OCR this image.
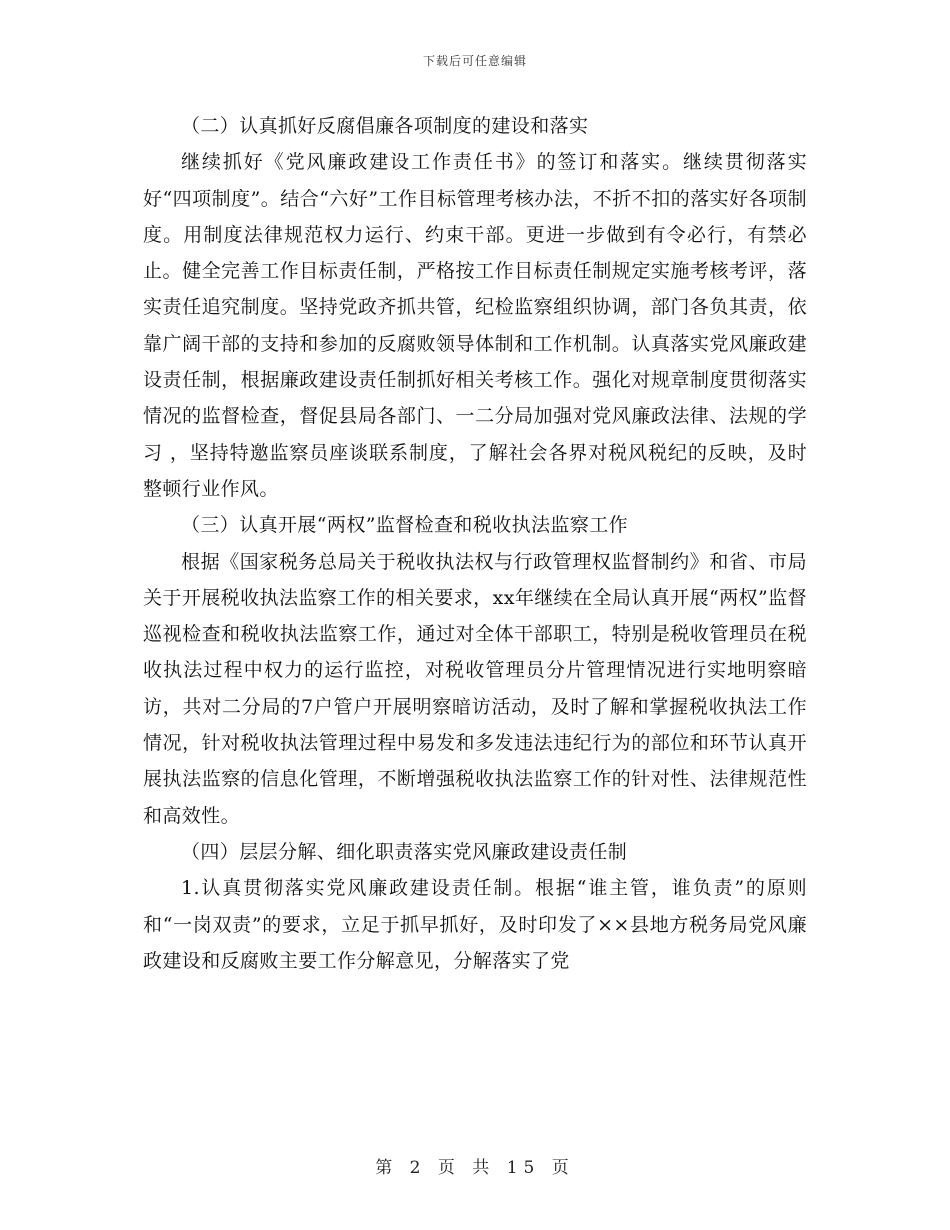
下载后可任意编辑

（二）认真抓好反腐倡廉各项制度的建设和落实

继续抓好《党风廉政建设工作责任书》的签订和落实。继续贯彻落实好“四项制度”。结合“六好”工作目标管理考核办法，不折不扣的落实好各项制度。用制度法律规范权力运行、约束干部。更进一步做到有令必行，有禁必止。健全完善工作目标责任制，严格按工作目标责任制规定实施考核考评，落实责任追究制度。坚持党政齐抓共管，纪检监察组织协调，部门各负其责，依靠广阔干部的支持和参加的反腐败领导体制和工作机制。认真落实党风廉政建设责任制，根据廉政建设责任制抓好相关考核工作。强化对规章制度贯彻落实情况的监督检查，督促县局各部门、一二分局加强对党风廉政法律、法规的学习 ，坚持特邀监察员座谈联系制度，了解社会各界对税风税纪的反映，及时整顿行业作风。

（三）认真开展“两权”监督检查和税收执法监察工作

根据《国家税务总局关于税收执法权与行政管理权监督制约》和省、市局关于开展税收执法监察工作的相关要求，xx年继续在全局认真开展“两权”监督巡视检查和税收执法监察工作，通过对全体干部职工，特别是税收管理员在税收执法过程中权力的运行监控，对税收管理员分片管理情况进行实地明察暗访，共对二分局的7户管户开展明察暗访活动，及时了解和掌握税收执法工作情况，针对税收执法管理过程中易发和多发违法违纪行为的部位和环节认真开展执法监察的信息化管理，不断增强税收执法监察工作的针对性、法律规范性和高效性。

（四）层层分解、细化职责落实党风廉政建设责任制

1.认真贯彻落实党风廉政建设责任制。根据“谁主管，谁负责”的原则和“一岗双责”的要求，立足于抓早抓好，及时印发了××县地方税务局党风廉政建设和反腐败主要工作分解意见，分解落实了党

第 2 页 共 15 页
